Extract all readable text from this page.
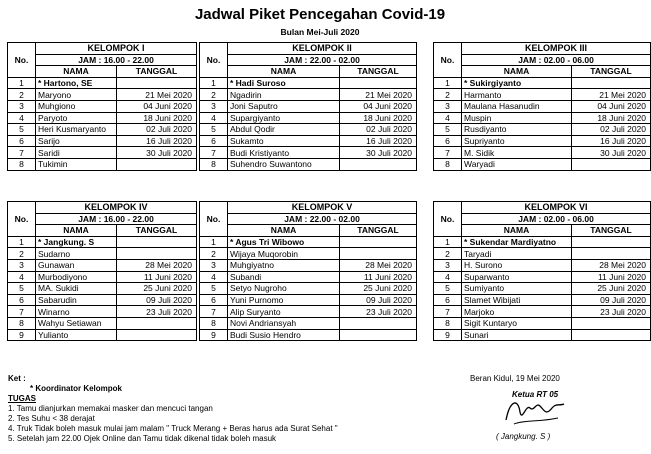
Jadwal Piket Pencegahan Covid-19
Bulan Mei-Juli 2020
No.	KELOMPOK I	
	JAM : 16.00 - 22.00	
	NAMA	TANGGAL
1	* Hartono, SE	
2	Maryono	21 Mei 2020
3	Muhgiono	04 Juni 2020
4	Paryoto	18 Juni 2020
5	Heri Kusmaryanto	02 Juli 2020
6	Sarijo	16 Juli 2020
7	Saridi	30 Juli 2020
8	Tukimin	
No.	KELOMPOK II	
	JAM : 22.00 - 02.00	
	NAMA	TANGGAL
1	* Hadi Suroso	
2	Ngadirin	21 Mei 2020
3	Joni Saputro	04 Juni 2020
4	Supargiyanto	18 Juni 2020
5	Abdul Qodir	02 Juli 2020
6	Sukamto	16 Juli 2020
7	Budi Kristiyanto	30 Juli 2020
8	Suhendro Suwantono	
No.	KELOMPOK III	
	JAM : 02.00 - 06.00	
	NAMA	TANGGAL
1	* Sukirgiyanto	
2	Harmanto	21 Mei 2020
3	Maulana Hasanudin	04 Juni 2020
4	Muspin	18 Juni 2020
5	Rusdiyanto	02 Juli 2020
6	Supriyanto	16 Juli 2020
7	M. Sidik	30 Juli 2020
8	Waryadi	
No.	KELOMPOK IV	
	JAM : 16.00 - 22.00	
	NAMA	TANGGAL
1	* Jangkung. S	
2	Sudarno	
3	Gunawan	28 Mei 2020
4	Murbodiyono	11 Juni 2020
5	MA. Sukidi	25 Juni 2020
6	Sabarudin	09 Juli 2020
7	Winarno	23 Juli 2020
8	Wahyu Setiawan	
9	Yulianto	
No.	KELOMPOK V	
	JAM : 22.00 - 02.00	
	NAMA	TANGGAL
1	* Agus Tri Wibowo	
2	Wijaya Muqorobin	
3	Muhgiyatno	28 Mei 2020
4	Subandi	11 Juni 2020
5	Setyo Nugroho	25 Juni 2020
6	Yuni Purnomo	09 Juli 2020
7	Alip Suryanto	23 Juli 2020
8	Novi Andriansyah	
9	Budi Susio Hendro	
No.	KELOMPOK VI	
	JAM : 02.00 - 06.00	
	NAMA	TANGGAL
1	* Sukendar Mardiyatno	
2	Taryadi	
3	H. Surono	28 Mei 2020
4	Suparwanto	11 Juni 2020
5	Sumiyanto	25 Juni 2020
6	Slamet Wibijati	09 Juli 2020
7	Marjoko	23 Juli 2020
8	Sigit Kuntaryo	
9	Sunari	
Ket :
* Koordinator Kelompok
TUGAS
1. Tamu dianjurkan memakai masker dan mencuci tangan
2. Tes Suhu < 38 derajat
4. Truk Tidak boleh masuk mulai jam malam " Truck Merang + Beras harus ada Surat Sehat "
5. Setelah jam 22.00 Ojek Online dan Tamu tidak dikenal tidak boleh masuk
Beran Kidul, 19 Mei 2020
Ketua RT 05
( Jangkung. S )
